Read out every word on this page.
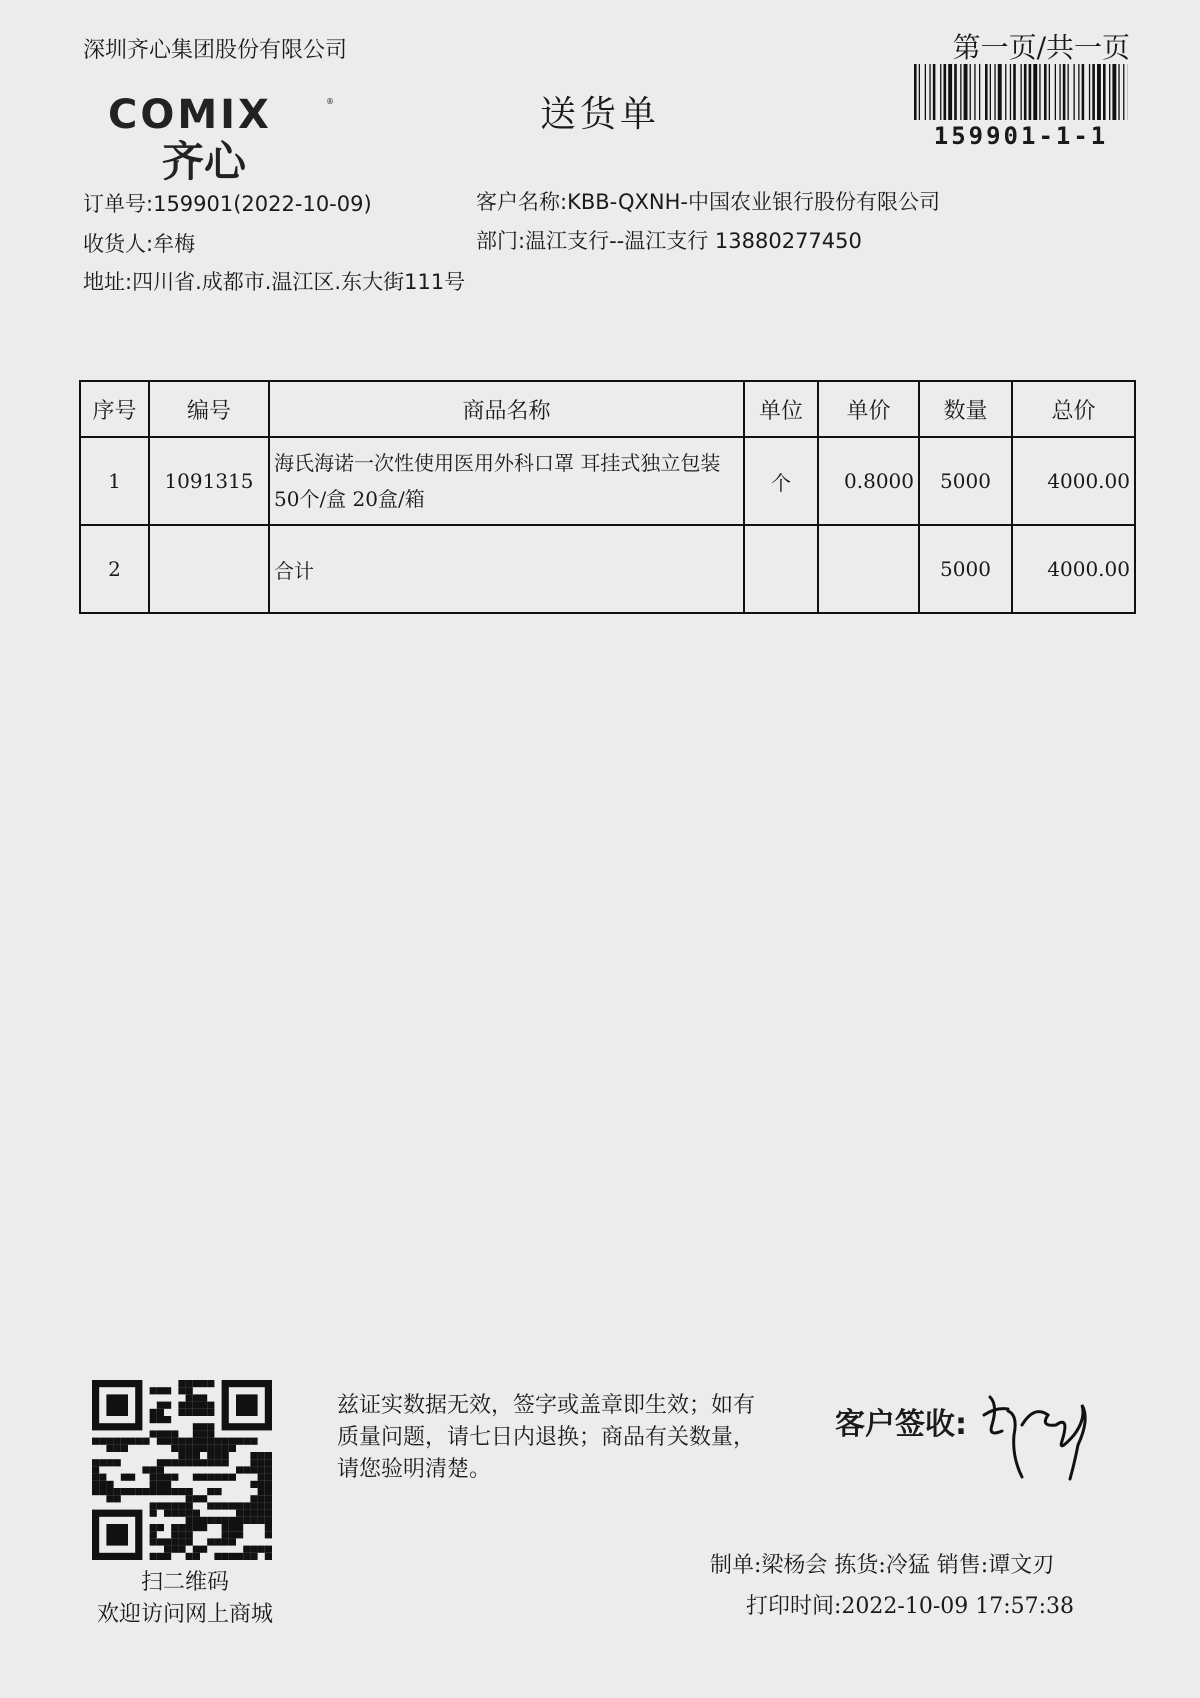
深圳齐心集团股份有限公司	第一页/共一页
送货单
COMIX	®
齐心
159901-1-1
订单号:159901(2022-10-09)	客户名称:KBB-QXNH-中国农业银行股份有限公司
收货人:牟梅	部门:温江支行--温江支行 13880277450
地址:四川省.成都市.温江区.东大街111号
序号	编号	商品名称	单位	单价	数量	总价
1	1091315	海氏海诺一次性使用医用外科口罩 耳挂式独立包装 50个/盒 20盒/箱	个	0.8000	5000	4000.00
2		合计			5000	4000.00
扫二维码
欢迎访问网上商城
兹证实数据无效，签字或盖章即生效；如有质量问题，请七日内退换；商品有关数量，请您验明清楚。
客户签收:
制单:梁杨会 拣货:冷猛 销售:谭文刃
打印时间:2022-10-09 17:57:38
